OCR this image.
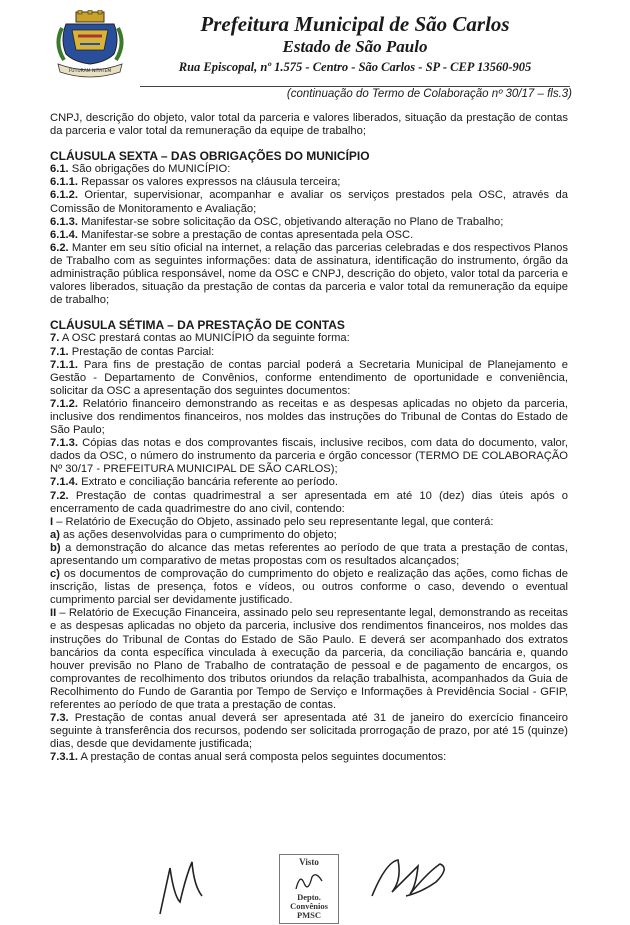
FUTURAM NITATEM
Prefeitura Municipal de São Carlos
Estado de São Paulo
Rua Episcopal, nº 1.575 - Centro - São Carlos - SP - CEP 13560-905
(continuação do Termo de Colaboração nº 30/17 – fls.3)

CNPJ, descrição do objeto, valor total da parceria e valores liberados, situação da prestação de contas da parceria e valor total da remuneração da equipe de trabalho;

CLÁUSULA SEXTA – DAS OBRIGAÇÕES DO MUNICÍPIO

6.1. São obrigações do MUNICÍPIO:

6.1.1. Repassar os valores expressos na cláusula terceira;

6.1.2. Orientar, supervisionar, acompanhar e avaliar os serviços prestados pela OSC, através da Comissão de Monitoramento e Avaliação;

6.1.3. Manifestar-se sobre solicitação da OSC, objetivando alteração no Plano de Trabalho;

6.1.4. Manifestar-se sobre a prestação de contas apresentada pela OSC.

6.2. Manter em seu sítio oficial na internet, a relação das parcerias celebradas e dos respectivos Planos de Trabalho com as seguintes informações: data de assinatura, identificação do instrumento, órgão da administração pública responsável, nome da OSC e CNPJ, descrição do objeto, valor total da parceria e valores liberados, situação da prestação de contas da parceria e valor total da remuneração da equipe de trabalho;

CLÁUSULA SÉTIMA – DA PRESTAÇÃO DE CONTAS

7. A OSC prestará contas ao MUNICÍPIO da seguinte forma:

7.1. Prestação de contas Parcial:

7.1.1. Para fins de prestação de contas parcial poderá a Secretaria Municipal de Planejamento e Gestão - Departamento de Convênios, conforme entendimento de oportunidade e conveniência, solicitar da OSC a apresentação dos seguintes documentos:

7.1.2. Relatório financeiro demonstrando as receitas e as despesas aplicadas no objeto da parceria, inclusive dos rendimentos financeiros, nos moldes das instruções do Tribunal de Contas do Estado de São Paulo;

7.1.3. Cópias das notas e dos comprovantes fiscais, inclusive recibos, com data do documento, valor, dados da OSC, o número do instrumento da parceria e órgão concessor (TERMO DE COLABORAÇÃO Nº 30/17 - PREFEITURA MUNICIPAL DE SÃO CARLOS);

7.1.4. Extrato e conciliação bancária referente ao período.

7.2. Prestação de contas quadrimestral a ser apresentada em até 10 (dez) dias úteis após o encerramento de cada quadrimestre do ano civil, contendo:

I – Relatório de Execução do Objeto, assinado pelo seu representante legal, que conterá:

a) as ações desenvolvidas para o cumprimento do objeto;

b) a demonstração do alcance das metas referentes ao período de que trata a prestação de contas, apresentando um comparativo de metas propostas com os resultados alcançados;

c) os documentos de comprovação do cumprimento do objeto e realização das ações, como fichas de inscrição, listas de presença, fotos e vídeos, ou outros conforme o caso, devendo o eventual cumprimento parcial ser devidamente justificado.

II – Relatório de Execução Financeira, assinado pelo seu representante legal, demonstrando as receitas e as despesas aplicadas no objeto da parceria, inclusive dos rendimentos financeiros, nos moldes das instruções do Tribunal de Contas do Estado de São Paulo. E deverá ser acompanhado dos extratos bancários da conta específica vinculada à execução da parceria, da conciliação bancária e, quando houver previsão no Plano de Trabalho de contratação de pessoal e de pagamento de encargos, os comprovantes de recolhimento dos tributos oriundos da relação trabalhista, acompanhados da Guia de Recolhimento do Fundo de Garantia por Tempo de Serviço e Informações à Previdência Social - GFIP, referentes ao período de que trata a prestação de contas.

7.3. Prestação de contas anual deverá ser apresentada até 31 de janeiro do exercício financeiro seguinte à transferência dos recursos, podendo ser solicitada prorrogação de prazo, por até 15 (quinze) dias, desde que devidamente justificada;

7.3.1. A prestação de contas anual será composta pelos seguintes documentos:

Visto
Depto.
Convênios
PMSC
